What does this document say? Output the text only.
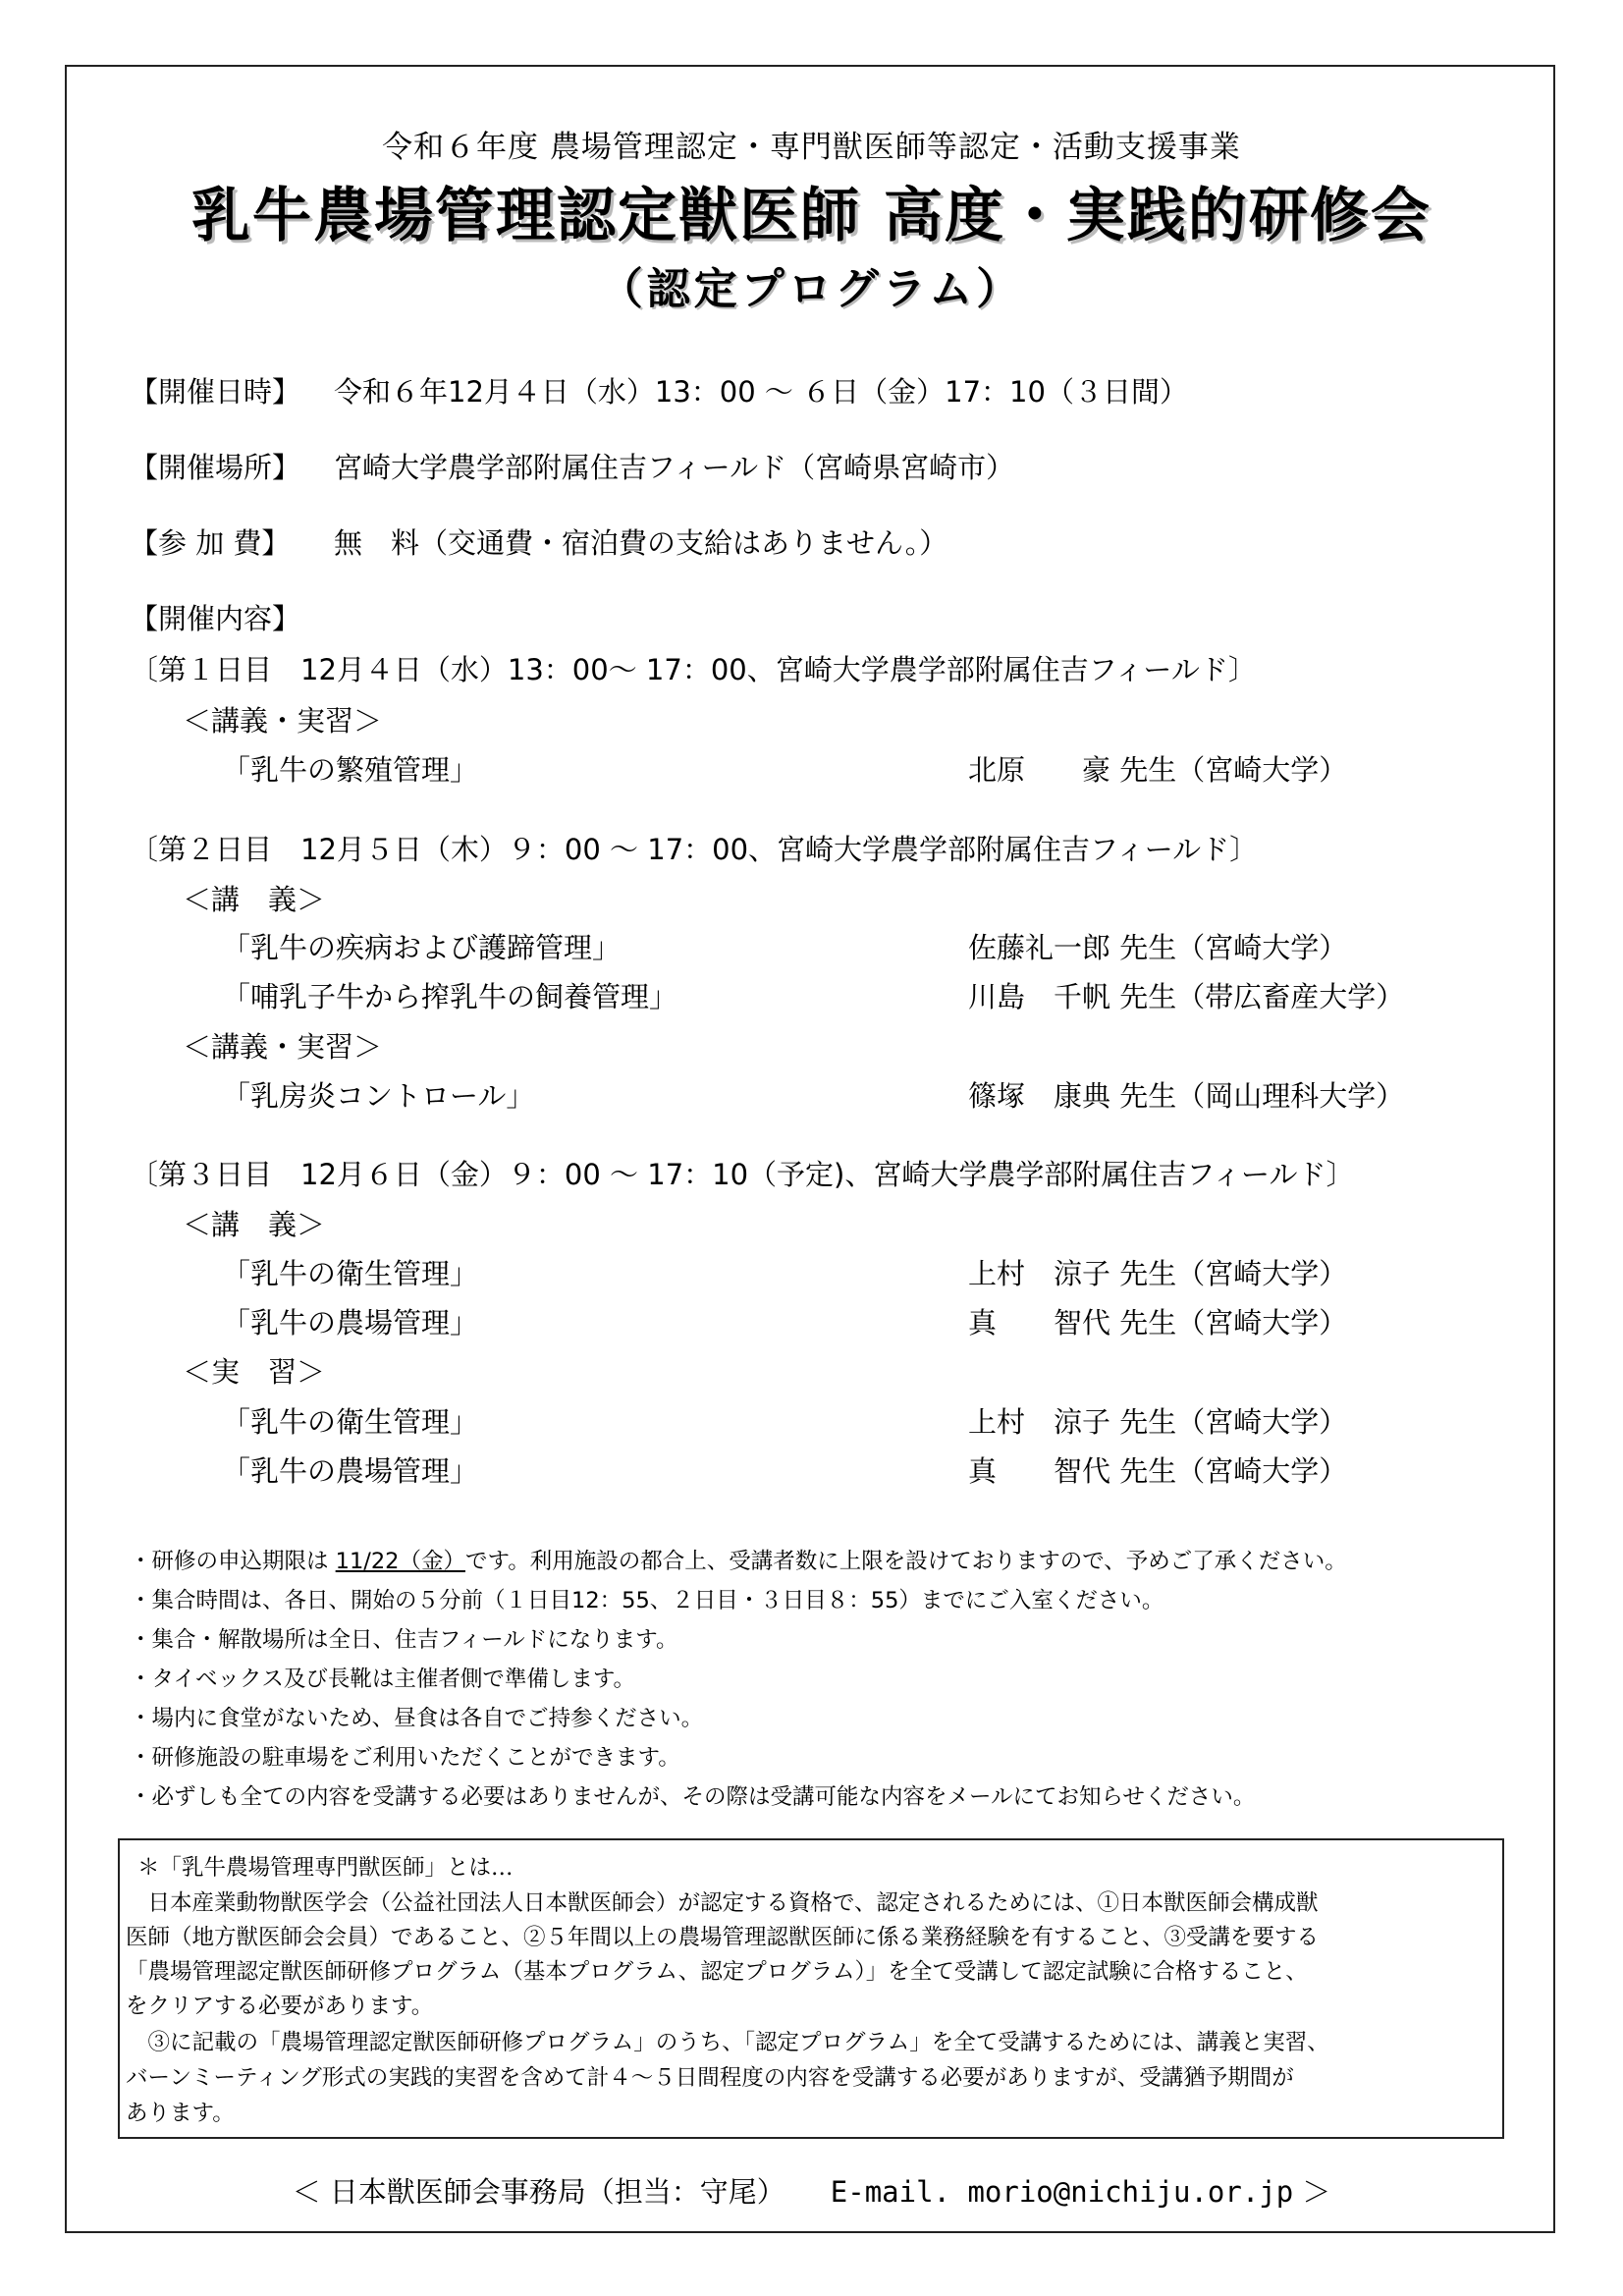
令和６年度 農場管理認定・専門獣医師等認定・活動支援事業
乳牛農場管理認定獣医師 高度・実践的研修会
（認定プログラム）
【開催日時】 令和６年12月４日（水）13：00 ～ ６日（金）17：10（３日間）
【開催場所】 宮崎大学農学部附属住吉フィールド（宮崎県宮崎市）
【参 加 費】 無　料（交通費・宿泊費の支給はありません。）
【開催内容】
〔第１日目　12月４日（水）13：00～ 17：00、宮崎大学農学部附属住吉フィールド〕
＜講義・実習＞
「乳牛の繁殖管理」	北原　　豪 先生（宮崎大学）
〔第２日目　12月５日（木）９：00 ～ 17：00、宮崎大学農学部附属住吉フィールド〕
＜講　義＞
「乳牛の疾病および護蹄管理」	佐藤礼一郎 先生（宮崎大学）
「哺乳子牛から搾乳牛の飼養管理」	川島　千帆 先生（帯広畜産大学）
＜講義・実習＞
「乳房炎コントロール」	篠塚　康典 先生（岡山理科大学）
〔第３日目　12月６日（金）９：00 ～ 17：10（予定)、宮崎大学農学部附属住吉フィールド〕
＜講　義＞
「乳牛の衛生管理」	上村　涼子 先生（宮崎大学）
「乳牛の農場管理」	真　　智代 先生（宮崎大学）
＜実　習＞
「乳牛の衛生管理」	上村　涼子 先生（宮崎大学）
「乳牛の農場管理」	真　　智代 先生（宮崎大学）
・研修の申込期限は 11/22（金）です。利用施設の都合上、受講者数に上限を設けておりますので、予めご了承ください。
・集合時間は、各日、開始の５分前（１日目12：55、２日目・３日目８：55）までにご入室ください。
・集合・解散場所は全日、住吉フィールドになります。
・タイベックス及び長靴は主催者側で準備します。
・場内に食堂がないため、昼食は各自でご持参ください。
・研修施設の駐車場をご利用いただくことができます。
・必ずしも全ての内容を受講する必要はありませんが、その際は受講可能な内容をメールにてお知らせください。
＊「乳牛農場管理専門獣医師」とは…
　日本産業動物獣医学会（公益社団法人日本獣医師会）が認定する資格で、認定されるためには、①日本獣医師会構成獣
医師（地方獣医師会会員）であること、②５年間以上の農場管理認獣医師に係る業務経験を有すること、③受講を要する
「農場管理認定獣医師研修プログラム（基本プログラム、認定プログラム）」を全て受講して認定試験に合格すること、
をクリアする必要があります。
　③に記載の「農場管理認定獣医師研修プログラム」のうち、「認定プログラム」を全て受講するためには、講義と実習、
バーンミーティング形式の実践的実習を含めて計４～５日間程度の内容を受講する必要がありますが、受講猶予期間が
あります。
＜ 日本獣医師会事務局（担当：守尾） E-mail. morio@nichiju.or.jp ＞
